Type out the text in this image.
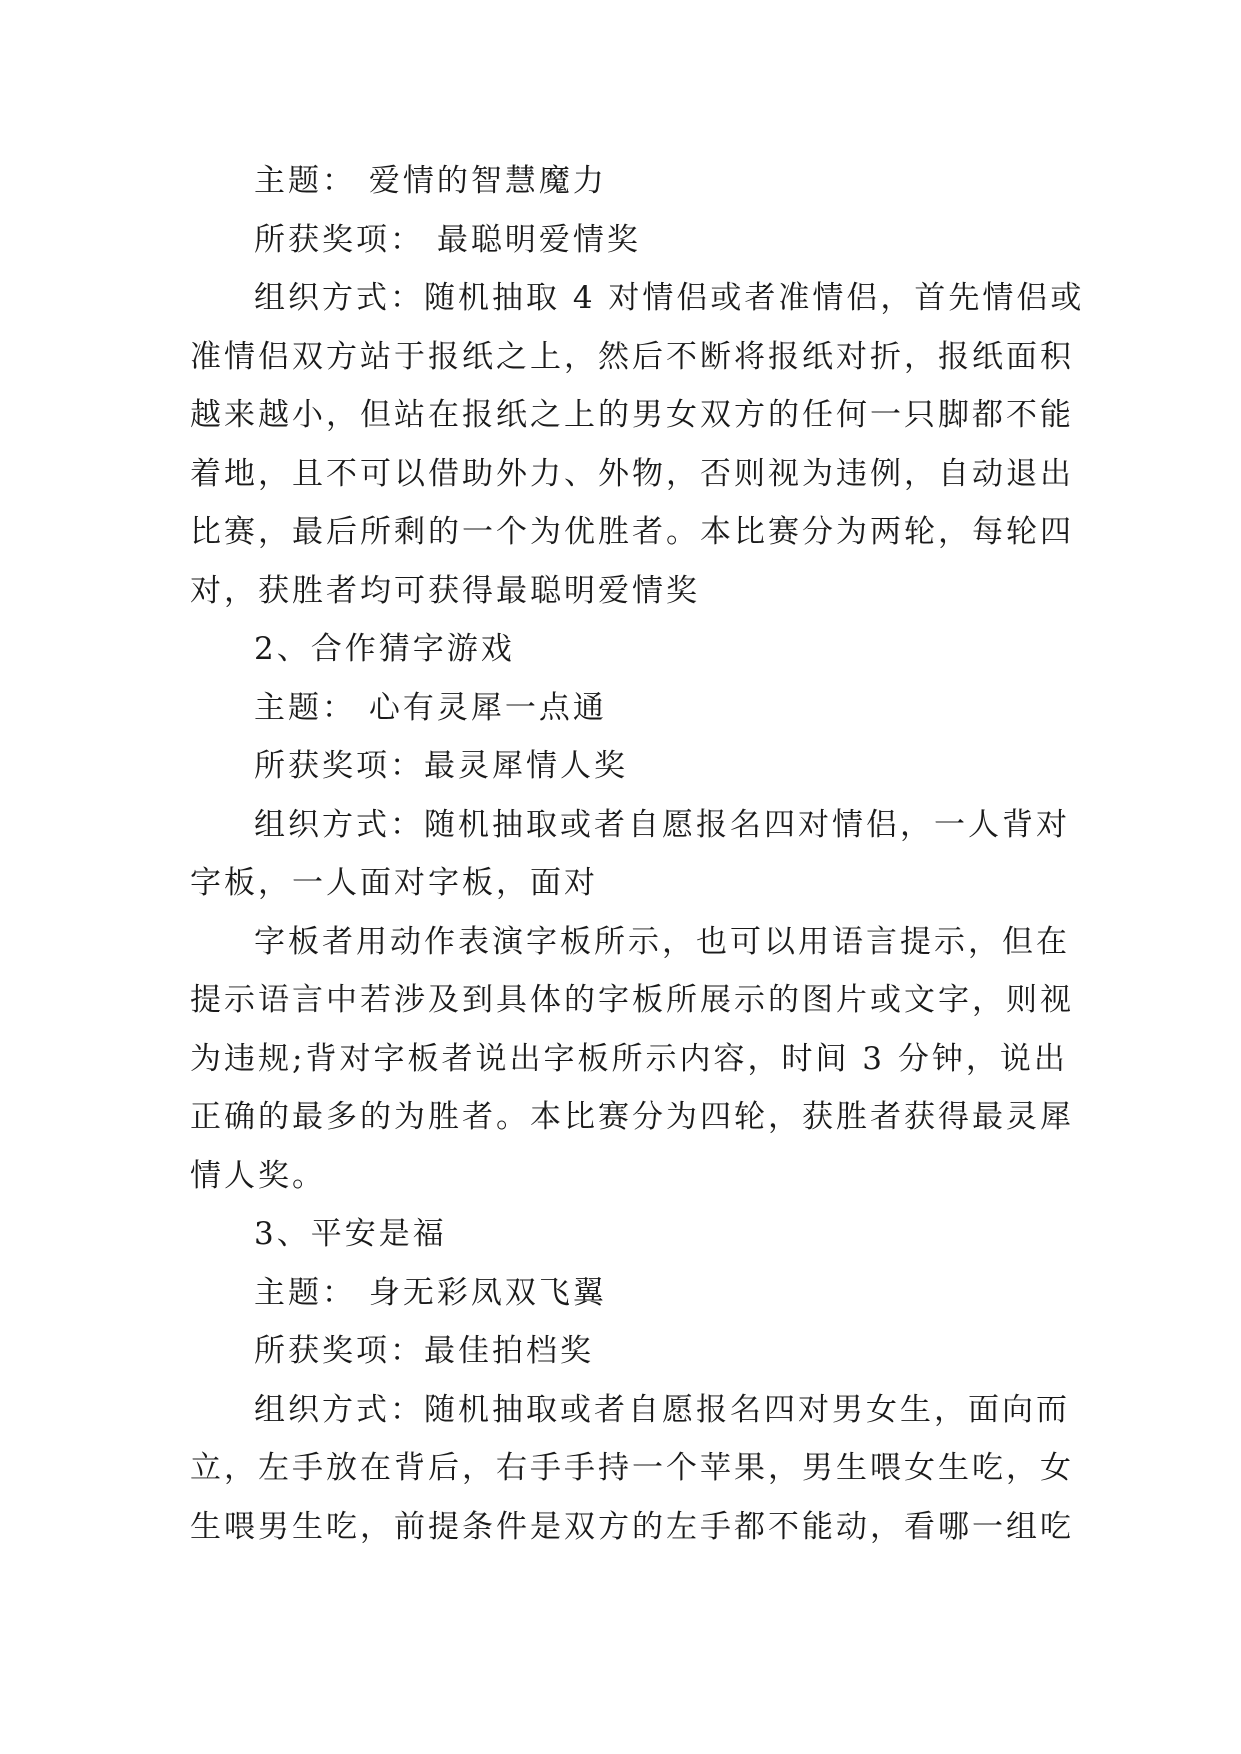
主题： 爱情的智慧魔力
所获奖项： 最聪明爱情奖
组织方式：随机抽取 4 对情侣或者准情侣，首先情侣或
准情侣双方站于报纸之上，然后不断将报纸对折，报纸面积
越来越小，但站在报纸之上的男女双方的任何一只脚都不能
着地，且不可以借助外力、外物，否则视为违例，自动退出
比赛，最后所剩的一个为优胜者。本比赛分为两轮，每轮四
对，获胜者均可获得最聪明爱情奖
2、合作猜字游戏
主题： 心有灵犀一点通
所获奖项：最灵犀情人奖
组织方式：随机抽取或者自愿报名四对情侣，一人背对
字板，一人面对字板，面对
字板者用动作表演字板所示，也可以用语言提示，但在
提示语言中若涉及到具体的字板所展示的图片或文字，则视
为违规;背对字板者说出字板所示内容，时间 3 分钟，说出
正确的最多的为胜者。本比赛分为四轮，获胜者获得最灵犀
情人奖。
3、平安是福
主题： 身无彩凤双飞翼
所获奖项：最佳拍档奖
组织方式：随机抽取或者自愿报名四对男女生，面向而
立，左手放在背后，右手手持一个苹果，男生喂女生吃，女
生喂男生吃，前提条件是双方的左手都不能动，看哪一组吃
